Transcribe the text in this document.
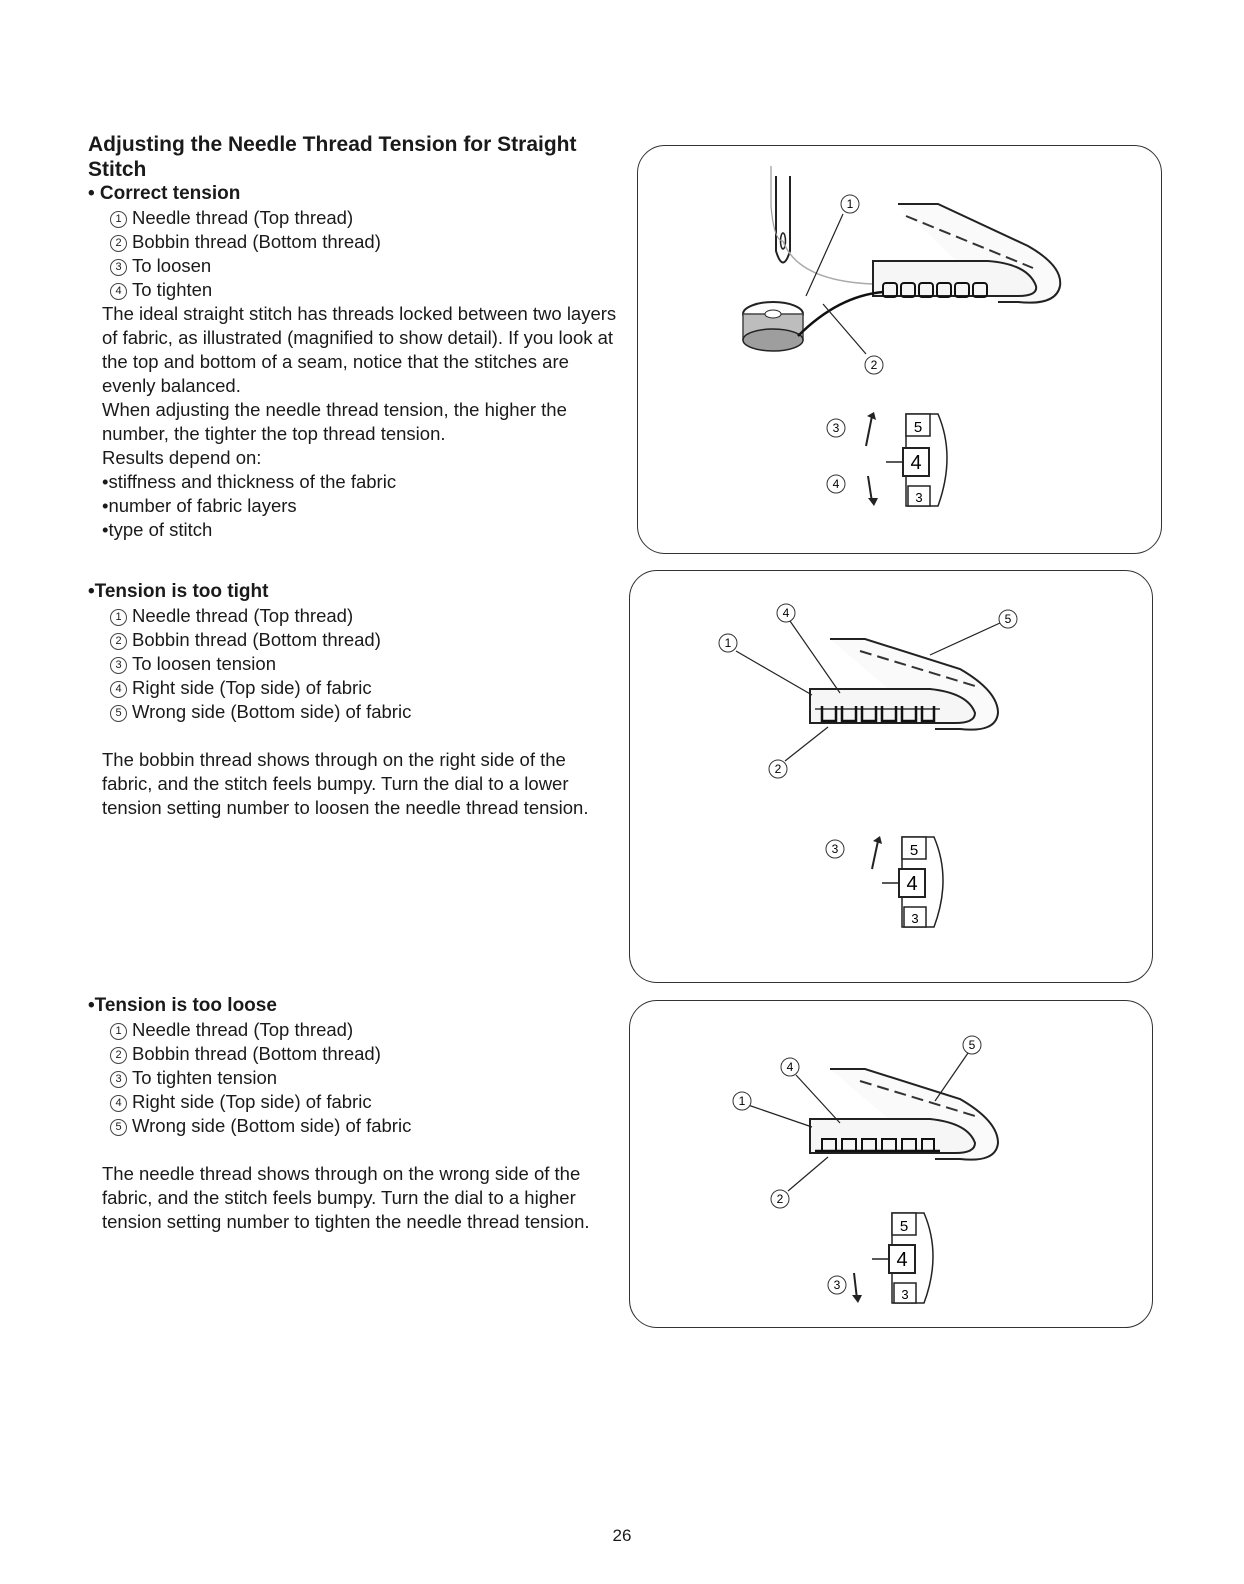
Adjusting the Needle Thread Tension for Straight Stitch
• Correct tension
1 Needle thread (Top thread)
2 Bobbin thread (Bottom thread)
3 To loosen
4 To tighten

The ideal straight stitch has threads locked between two layers of fabric, as illustrated (magnified to show detail). If you look at the top and bottom of a seam, notice that the stitches are evenly balanced.

When adjusting the needle thread tension, the higher the number, the tighter the top thread tension.

Results depend on:

• stiffness and thickness of the fabric
• number of fabric layers
• type of stitch
•Tension is too tight
1 Needle thread (Top thread)
2 Bobbin thread (Bottom thread)
3 To loosen tension
4 Right side (Top side) of fabric
5 Wrong side (Bottom side) of fabric

The bobbin thread shows through on the right side of the fabric, and the stitch feels bumpy. Turn the dial to a lower tension setting number to loosen the needle thread tension.

•Tension is too loose
1 Needle thread (Top thread)
2 Bobbin thread (Bottom thread)
3 To tighten tension
4 Right side (Top side) of fabric
5 Wrong side (Bottom side) of fabric

The needle thread shows through on the wrong side of the fabric, and the stitch feels bumpy. Turn the dial to a higher tension setting number to tighten the needle thread tension.

1
2
5
4
3
3
4
1
4	5
2
5
4
3
3
1
4
5
2
5
4
3
3
26
